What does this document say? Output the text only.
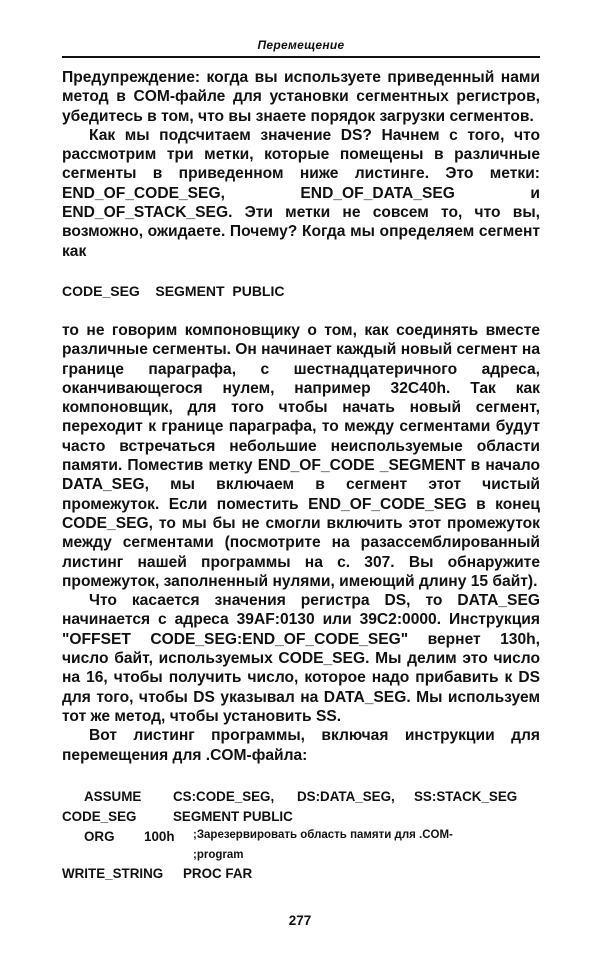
Перемещение

Предупреждение: когда вы используете приведенный нами метод в COM-файле для установки сегментных регистров, убедитесь в том, что вы знаете порядок загрузки сегментов.

Как мы подсчитаем значение DS? Начнем с того, что рассмотрим три метки, которые помещены в различные сегменты в приведенном ниже листинге. Это метки: END_OF_CODE_SEG, END_OF_DATA_SEG и END_OF_STACK_SEG. Эти метки не совсем то, что вы, возможно, ожидаете. Почему? Когда мы определяем сегмент как

CODE_SEG    SEGMENT  PUBLIC

то не говорим компоновщику о том, как соединять вместе различные сегменты. Он начинает каждый новый сегмент на границе параграфа, с шестнадцатеричного адреса, оканчивающегося нулем, например 32C40h. Так как компоновщик, для того чтобы начать новый сегмент, переходит к границе параграфа, то между сегментами будут часто встречаться небольшие неиспользуемые области памяти. Поместив метку END_OF_CODE _SEGMENT в начало DATA_SEG, мы включаем в сегмент этот чистый промежуток. Если поместить END_OF_CODE_SEG в конец CODE_SEG, то мы бы не смогли включить этот промежуток между сегментами (посмотрите на разассемблированный листинг нашей программы на с. 307. Вы обнаружите промежуток, заполненный нулями, имеющий длину 15 байт).

Что касается значения регистра DS, то DATA_SEG начинается с адреса 39AF:0130 или 39C2:0000. Инструкция "OFFSET CODE_SEG:END_OF_CODE_SEG" вернет 130h, число байт, используемых CODE_SEG. Мы делим это число на 16, чтобы получить число, которое надо прибавить к DS для того, чтобы DS указывал на DATA_SEG. Мы используем тот же метод, чтобы установить SS.

Вот листинг программы, включая инструкции для перемещения для .COM-файла:

ASSUME CS:CODE_SEG, DS:DATA_SEG, SS:STACK_SEG
CODE_SEG	SEGMENT PUBLIC
ORG 100h ;Зарезервировать область памяти для .COM-
;program
WRITE_STRING PROC FAR
277
